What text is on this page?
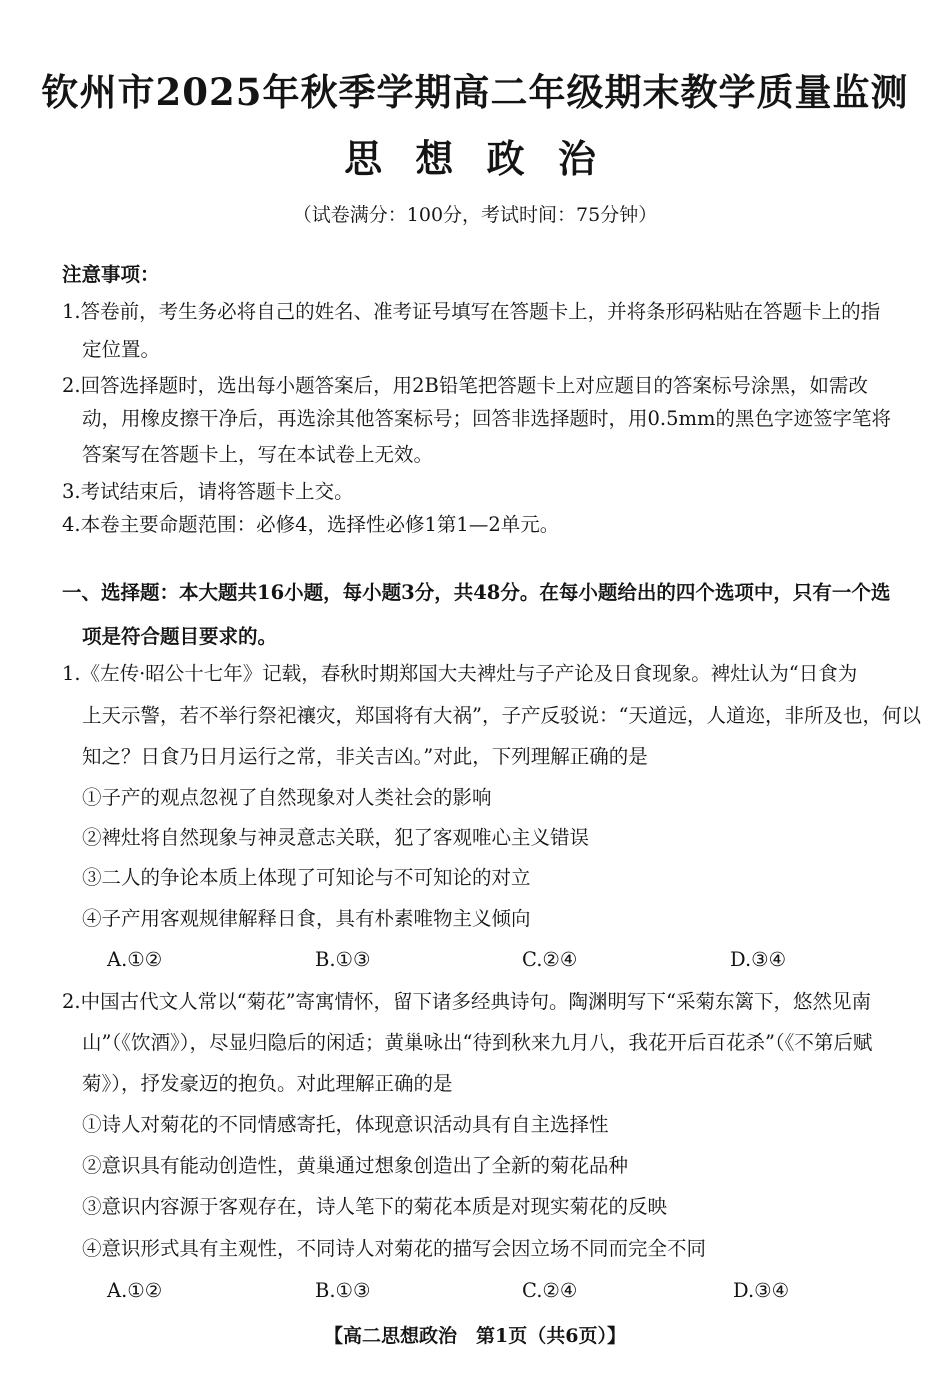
钦州市2025年秋季学期高二年级期末教学质量监测
思 想 政 治
（试卷满分：100分，考试时间：75分钟）
注意事项：
1.答卷前，考生务必将自己的姓名、准考证号填写在答题卡上，并将条形码粘贴在答题卡上的指
定位置。
2.回答选择题时，选出每小题答案后，用2B铅笔把答题卡上对应题目的答案标号涂黑，如需改
动，用橡皮擦干净后，再选涂其他答案标号；回答非选择题时，用0.5mm的黑色字迹签字笔将
答案写在答题卡上，写在本试卷上无效。
3.考试结束后，请将答题卡上交。
4.本卷主要命题范围：必修4，选择性必修1第1—2单元。
一、选择题：本大题共16小题，每小题3分，共48分。在每小题给出的四个选项中，只有一个选
项是符合题目要求的。
1.《左传·昭公十七年》记载，春秋时期郑国大夫裨灶与子产论及日食现象。裨灶认为“日食为
上天示警，若不举行祭祀禳灾，郑国将有大祸”，子产反驳说：“天道远，人道迩，非所及也，何以
知之？日食乃日月运行之常，非关吉凶。”对此，下列理解正确的是
①子产的观点忽视了自然现象对人类社会的影响
②裨灶将自然现象与神灵意志关联，犯了客观唯心主义错误
③二人的争论本质上体现了可知论与不可知论的对立
④子产用客观规律解释日食，具有朴素唯物主义倾向
A.①②	B.①③	C.②④	D.③④
2.中国古代文人常以“菊花”寄寓情怀，留下诸多经典诗句。陶渊明写下“采菊东篱下，悠然见南
山”（《饮酒》），尽显归隐后的闲适；黄巢咏出“待到秋来九月八，我花开后百花杀”（《不第后赋
菊》），抒发豪迈的抱负。对此理解正确的是
①诗人对菊花的不同情感寄托，体现意识活动具有自主选择性
②意识具有能动创造性，黄巢通过想象创造出了全新的菊花品种
③意识内容源于客观存在，诗人笔下的菊花本质是对现实菊花的反映
④意识形式具有主观性，不同诗人对菊花的描写会因立场不同而完全不同
A.①②	B.①③	C.②④	D.③④
【高二思想政治　第1页（共6页）】
